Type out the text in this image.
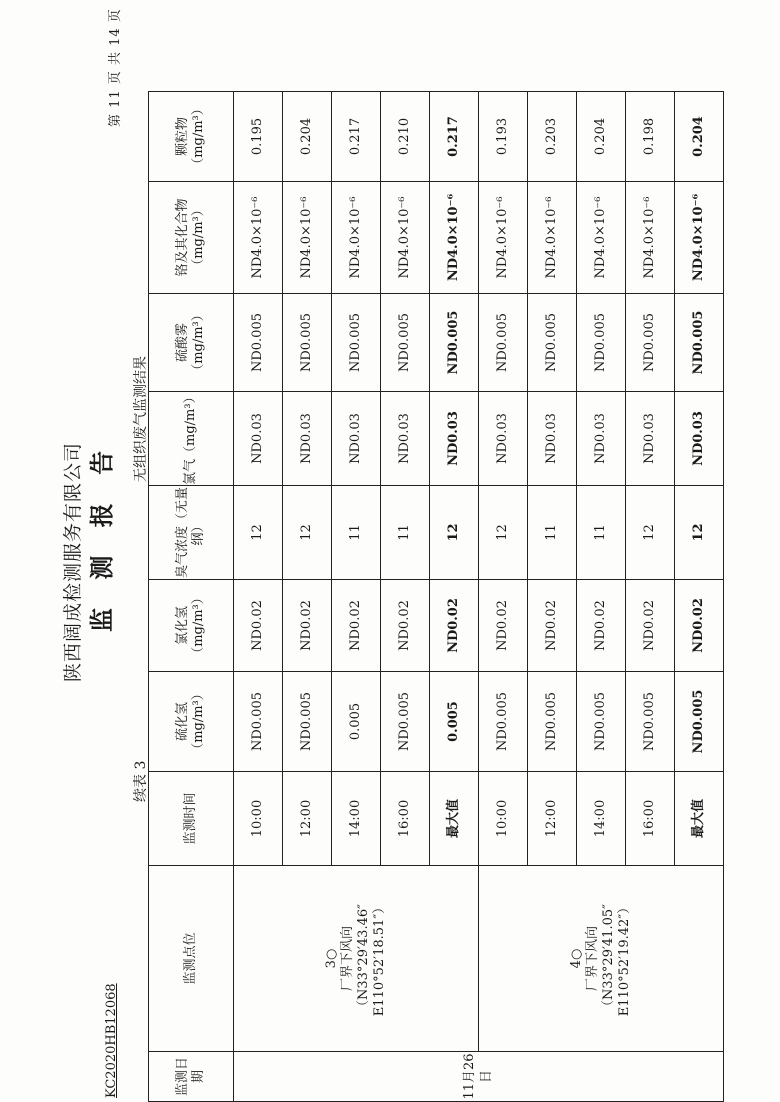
陕西阔成检测服务有限公司 监 测 报 告
KC2020HB12068
第 11 页 共 14 页
续表 3
无组织废气监测结果
监测日期	监测点位	监测时间	硫化氢（mg/m³）	氯化氢（mg/m³）	臭气浓度（无量纲）	氯气（mg/m³）	硫酸雾（mg/m³）	铬及其化合物（mg/m³）	颗粒物（mg/m³）
11月26日	3○ 厂界下风向 （N33°29′43.46″ E110°52′18.51″）	10:00	ND0.005	ND0.02	12	ND0.03	ND0.005	ND4.0×10⁻⁶	0.195
		12:00	ND0.005	ND0.02	12	ND0.03	ND0.005	ND4.0×10⁻⁶	0.204
		14:00	0.005	ND0.02	11	ND0.03	ND0.005	ND4.0×10⁻⁶	0.217
		16:00	ND0.005	ND0.02	11	ND0.03	ND0.005	ND4.0×10⁻⁶	0.210
		最大值	0.005	ND0.02	12	ND0.03	ND0.005	ND4.0×10⁻⁶	0.217

	4○ 厂界下风向 （N33°29′41.05″ E110°52′19.42″）	10:00	ND0.005	ND0.02	12	ND0.03	ND0.005	ND4.0×10⁻⁶	0.193
		12:00	ND0.005	ND0.02	11	ND0.03	ND0.005	ND4.0×10⁻⁶	0.203
		14:00	ND0.005	ND0.02	11	ND0.03	ND0.005	ND4.0×10⁻⁶	0.204
		16:00	ND0.005	ND0.02	12	ND0.03	ND0.005	ND4.0×10⁻⁶	0.198
		最大值	ND0.005	ND0.02	12	ND0.03	ND0.005	ND4.0×10⁻⁶	0.204
